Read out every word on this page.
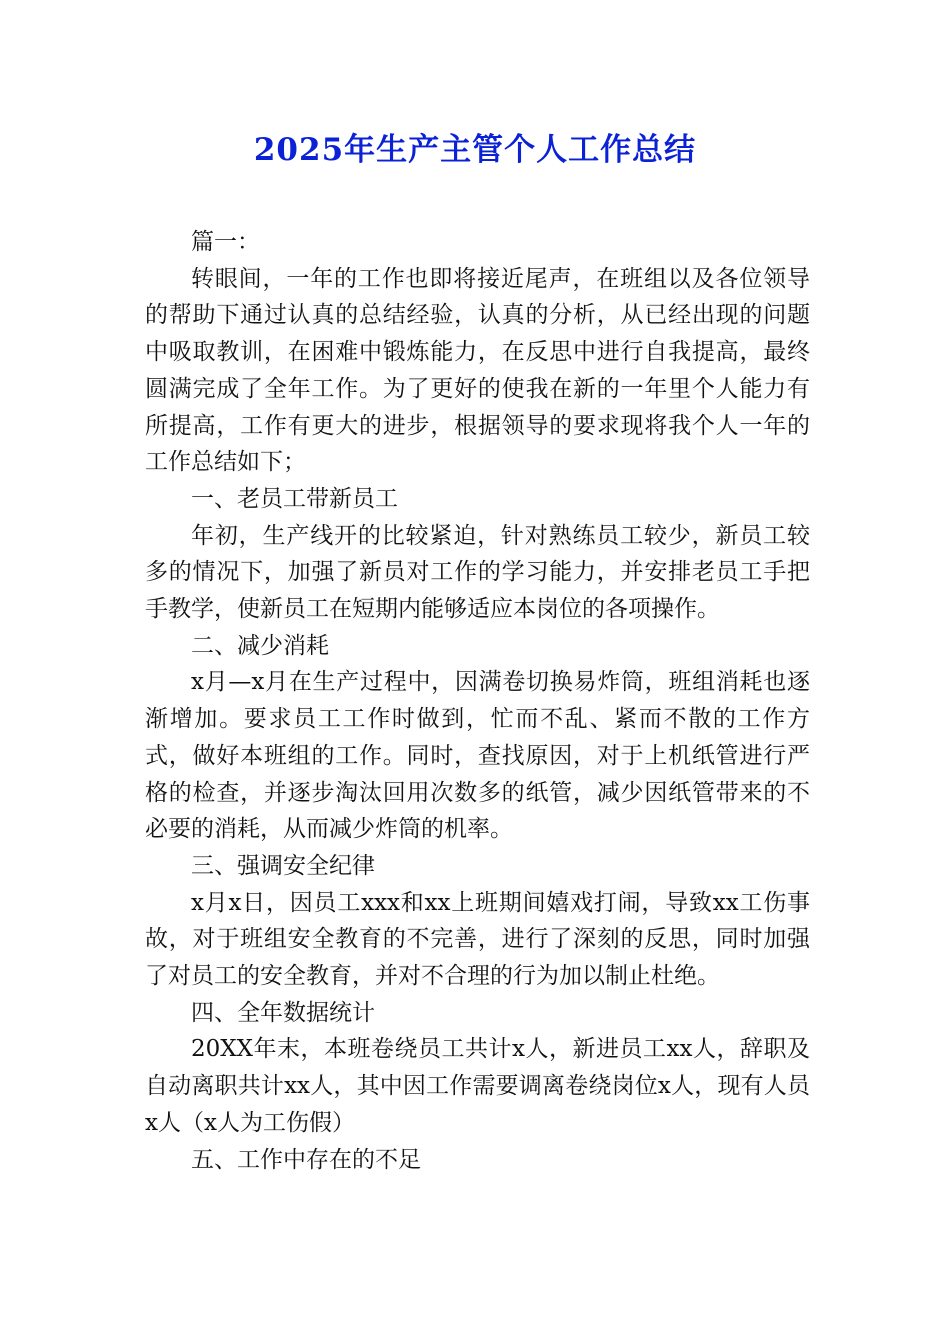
2025年生产主管个人工作总结

篇一：

转眼间，一年的工作也即将接近尾声，在班组以及各位领导的帮助下通过认真的总结经验，认真的分析，从已经出现的问题中吸取教训，在困难中锻炼能力，在反思中进行自我提高，最终圆满完成了全年工作。为了更好的使我在新的一年里个人能力有所提高，工作有更大的进步，根据领导的要求现将我个人一年的工作总结如下；

一、老员工带新员工

年初，生产线开的比较紧迫，针对熟练员工较少，新员工较多的情况下，加强了新员对工作的学习能力，并安排老员工手把手教学，使新员工在短期内能够适应本岗位的各项操作。

二、减少消耗

x月—x月在生产过程中，因满卷切换易炸筒，班组消耗也逐渐增加。要求员工工作时做到，忙而不乱、紧而不散的工作方式，做好本班组的工作。同时，查找原因，对于上机纸管进行严格的检查，并逐步淘汰回用次数多的纸管，减少因纸管带来的不必要的消耗，从而减少炸筒的机率。

三、强调安全纪律

x月x日，因员工xxx和xx上班期间嬉戏打闹，导致xx工伤事故，对于班组安全教育的不完善，进行了深刻的反思，同时加强了对员工的安全教育，并对不合理的行为加以制止杜绝。

四、全年数据统计

20XX年末，本班卷绕员工共计x人，新进员工xx人，辞职及自动离职共计xx人，其中因工作需要调离卷绕岗位x人，现有人员x人（x人为工伤假）

五、工作中存在的不足
